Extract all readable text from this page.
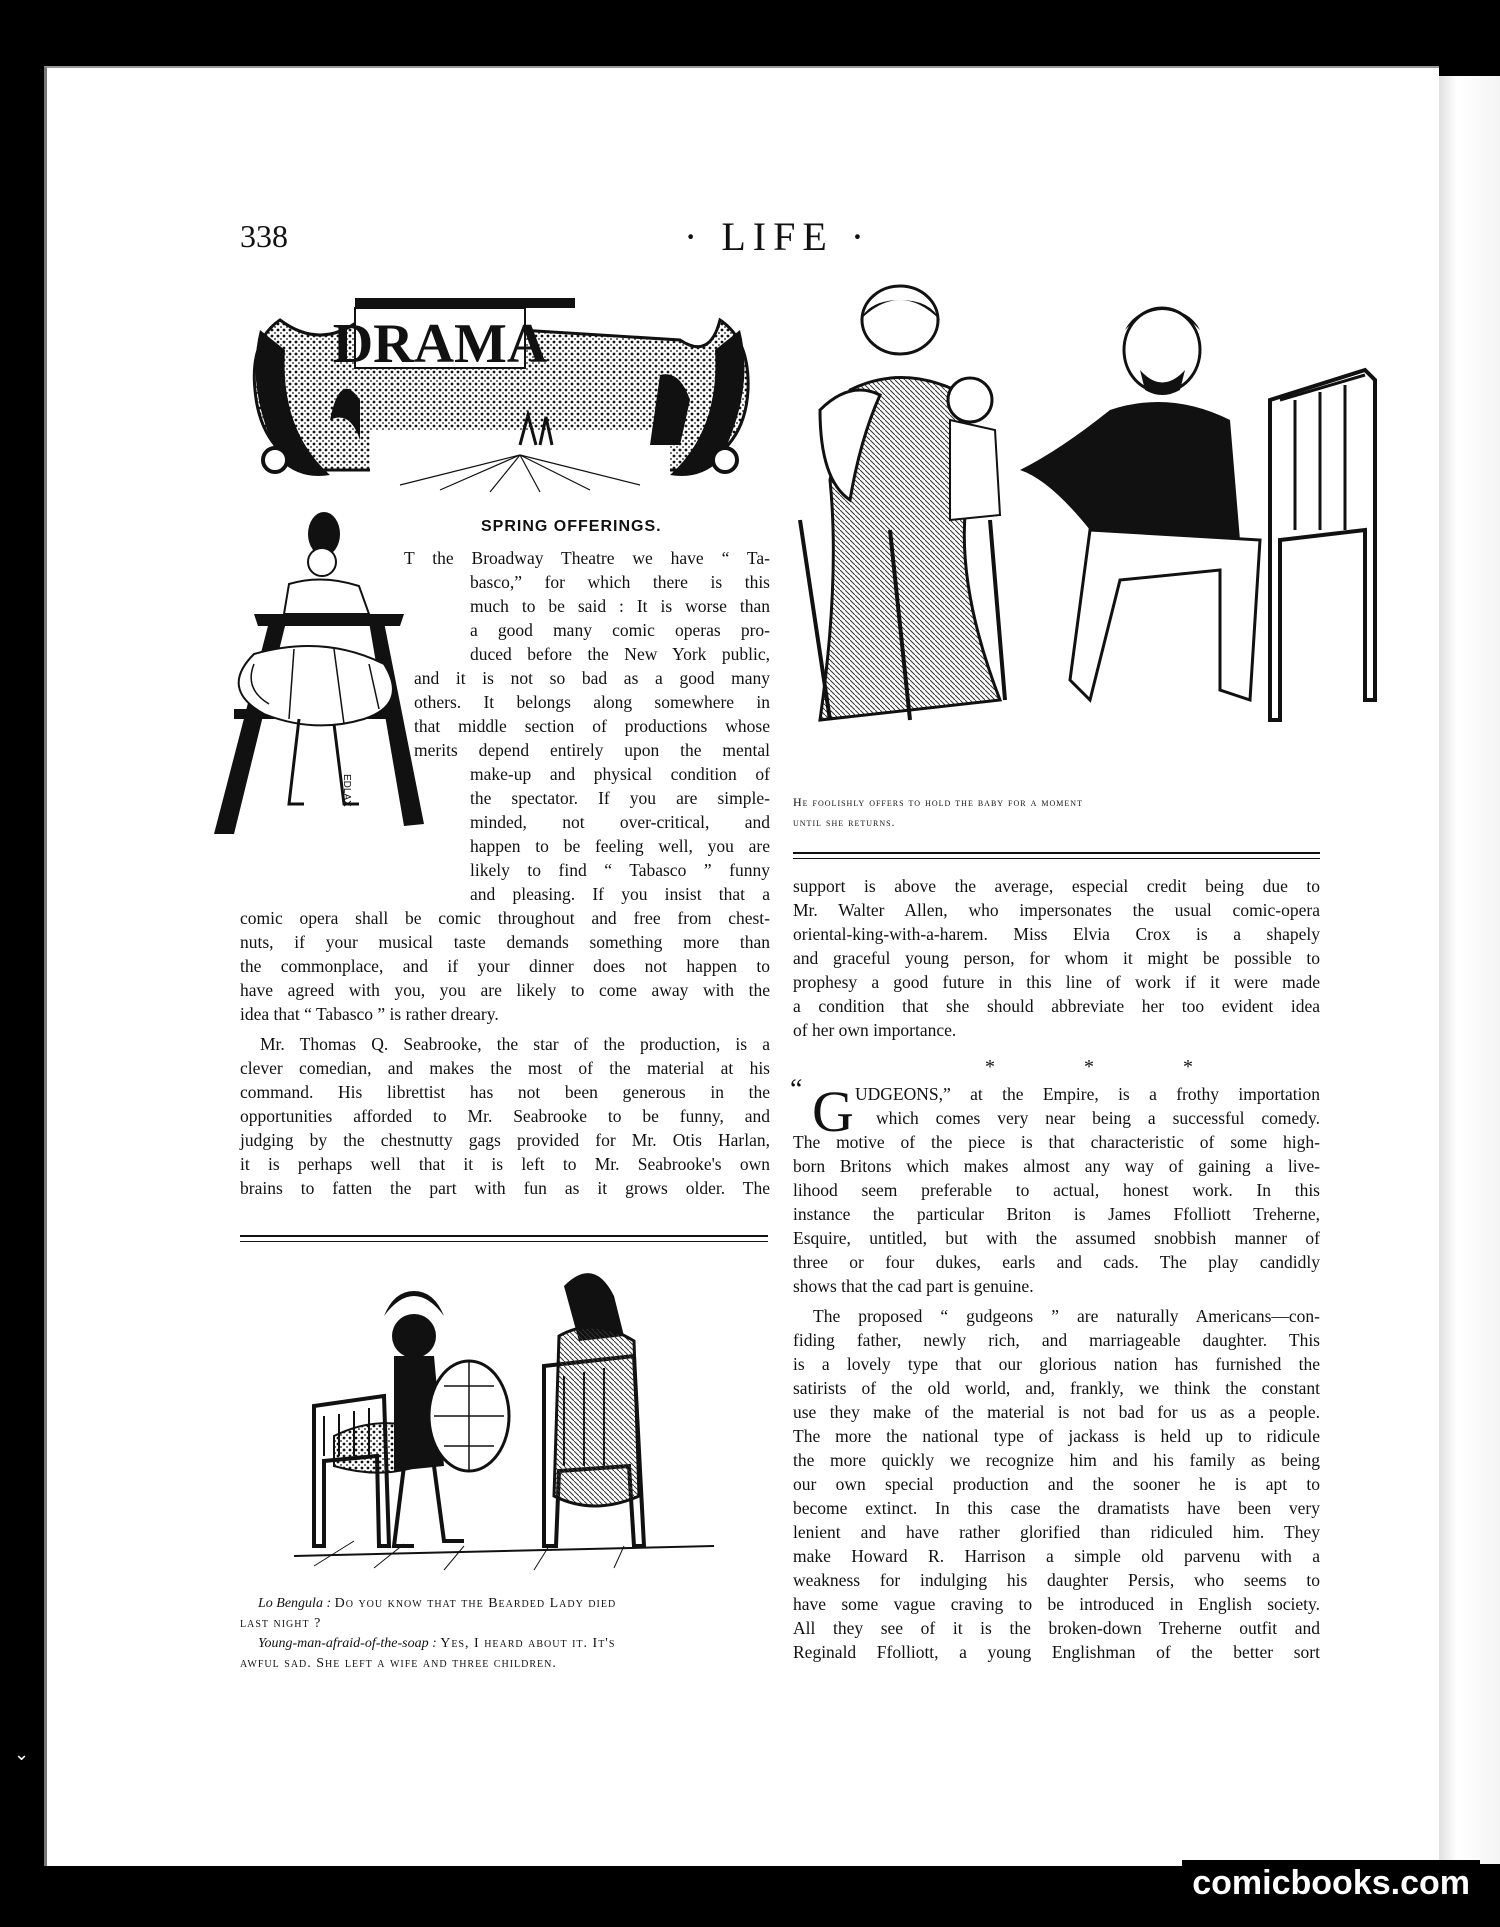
⌄
338	· LIFE ·
DRAMA
SPRING OFFERINGS.
EDLAX
A
T the Broadway Theatre we have “ Ta-
basco,” for which there is this
much to be said : It is worse than
a good many comic operas pro-
duced before the New York public,
and it is not so bad as a good many
others. It belongs along somewhere in
that middle section of productions whose
merits depend entirely upon the mental
make-up and physical condition of
the spectator. If you are simple-
minded, not over-critical, and
happen to be feeling well, you are
likely to find “ Tabasco ” funny
and pleasing. If you insist that a
comic opera shall be comic throughout and free from chest-
nuts, if your musical taste demands something more than
the commonplace, and if your dinner does not happen to
have agreed with you, you are likely to come away with the
idea that “ Tabasco ” is rather dreary.
Mr. Thomas Q. Seabrooke, the star of the production, is a
clever comedian, and makes the most of the material at his
command. His librettist has not been generous in the
opportunities afforded to Mr. Seabrooke to be funny, and
judging by the chestnutty gags provided for Mr. Otis Harlan,
it is perhaps well that it is left to Mr. Seabrooke's own
brains to fatten the part with fun as it grows older. The
He foolishly offers to hold the baby for a moment
until she returns.
support is above the average, especial credit being due to
Mr. Walter Allen, who impersonates the usual comic-opera
oriental-king-with-a-harem. Miss Elvia Crox is a shapely
and graceful young person, for whom it might be possible to
prophesy a good future in this line of work if it were made
a condition that she should abbreviate her too evident idea
of her own importance.
UDGEONS,” at the Empire, is a frothy importation
which comes very near being a successful comedy.
The motive of the piece is that characteristic of some high-
born Britons which makes almost any way of gaining a live-
lihood seem preferable to actual, honest work. In this
instance the particular Briton is James Ffolliott Treherne,
Esquire, untitled, but with the assumed snobbish manner of
three or four dukes, earls and cads. The play candidly
shows that the cad part is genuine.
The proposed “ gudgeons ” are naturally Americans—con-
fiding father, newly rich, and marriageable daughter. This
is a lovely type that our glorious nation has furnished the
satirists of the old world, and, frankly, we think the constant
use they make of the material is not bad for us as a people.
The more the national type of jackass is held up to ridicule
the more quickly we recognize him and his family as being
our own special production and the sooner he is apt to
become extinct. In this case the dramatists have been very
lenient and have rather glorified than ridiculed him. They
make Howard R. Harrison a simple old parvenu with a
weakness for indulging his daughter Persis, who seems to
have some vague craving to be introduced in English society.
All they see of it is the broken-down Treherne outfit and
Reginald Ffolliott, a young Englishman of the better sort
* * *
“ G
Lo Bengula : Do you know that the Bearded Lady died
last night ?
Young-man-afraid-of-the-soap : Yes, I heard about it. It's
awful sad. She left a wife and three children.
comicbooks.com
